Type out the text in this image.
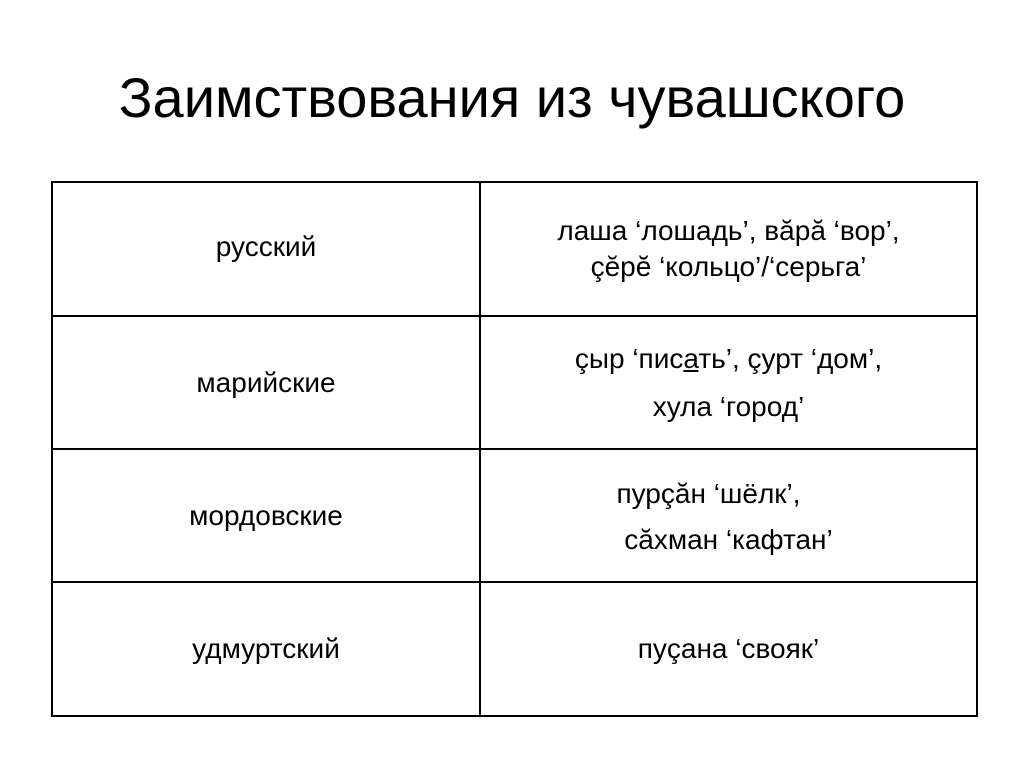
Заимствования из чувашского
русский	лаша ‘лошадь’, вăрă ‘вор’,
çĕрĕ ‘кольцо’/‘серьга’

марийские	çыр ‘писать’, çурт ‘дом’,
хула ‘город’

мордовские	пурçăн ‘шёлк’,
сăхман ‘кафтан’

удмуртский	пуçана ‘свояк’
